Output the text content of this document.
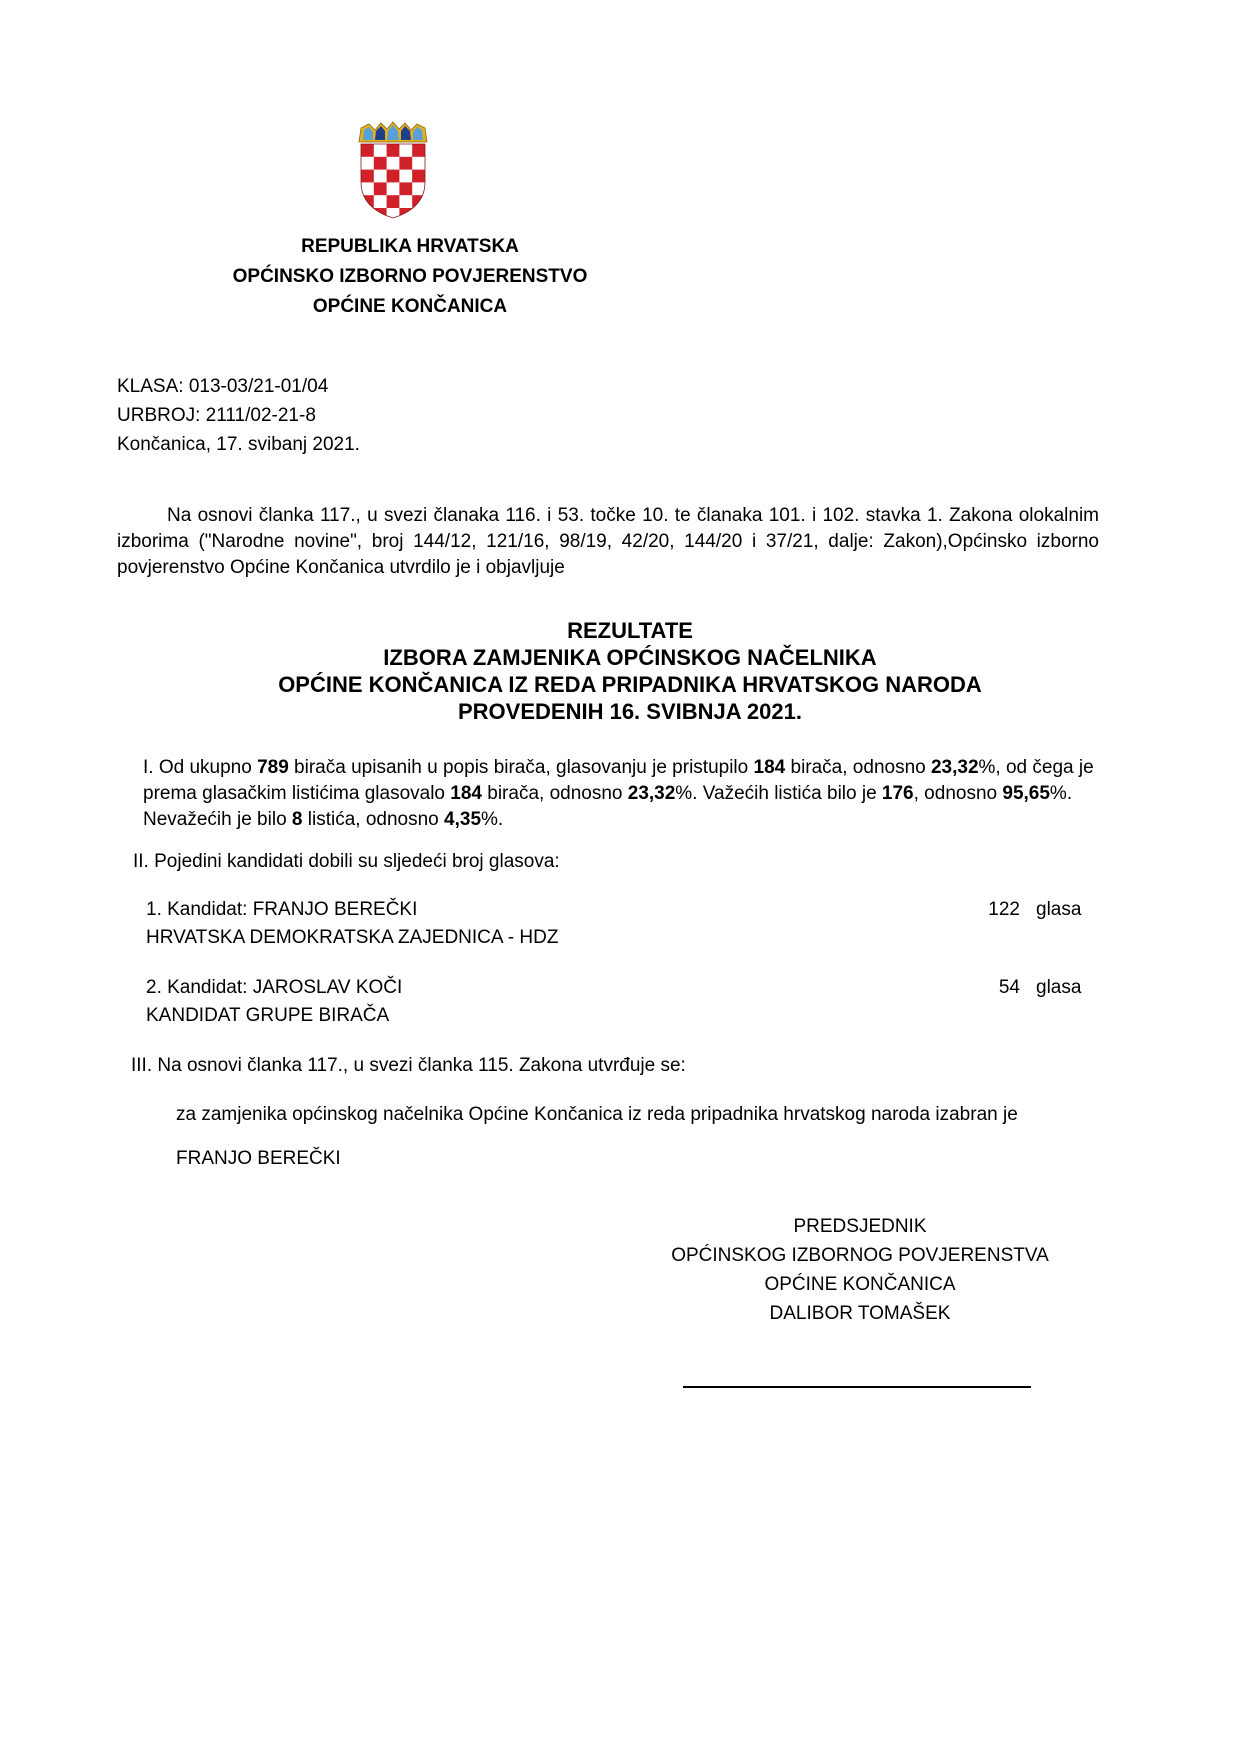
REPUBLIKA HRVATSKA
OPĆINSKO IZBORNO POVJERENSTVO
OPĆINE KONČANICA
KLASA: 013-03/21-01/04
URBROJ: 2111/02-21-8
Končanica, 17. svibanj 2021.
Na osnovi članka 117., u svezi članaka 116. i 53. točke 10. te članaka 101. i 102. stavka 1. Zakona olokalnim izborima ("Narodne novine", broj 144/12, 121/16, 98/19, 42/20, 144/20 i 37/21, dalje: Zakon),Općinsko izborno povjerenstvo Općine Končanica utvrdilo je i objavljuje
REZULTATE
IZBORA ZAMJENIKA OPĆINSKOG NAČELNIKA
OPĆINE KONČANICA IZ REDA PRIPADNIKA HRVATSKOG NARODA
PROVEDENIH 16. SVIBNJA 2021.
I. Od ukupno 789 birača upisanih u popis birača, glasovanju je pristupilo 184 birača, odnosno 23,32%, od čega je prema glasačkim listićima glasovalo 184 birača, odnosno 23,32%. Važećih listića bilo je 176, odnosno 95,65%. Nevažećih je bilo 8 listića, odnosno 4,35%.
II. Pojedini kandidati dobili su sljedeći broj glasova:
1. Kandidat: FRANJO BEREČKI
HRVATSKA DEMOKRATSKA ZAJEDNICA - HDZ
122 glasa
2. Kandidat: JAROSLAV KOČI
KANDIDAT GRUPE BIRAČA
54 glasa
III. Na osnovi članka 117., u svezi članka 115. Zakona utvrđuje se:
za zamjenika općinskog načelnika Općine Končanica iz reda pripadnika hrvatskog naroda izabran je
FRANJO BEREČKI
PREDSJEDNIK
OPĆINSKOG IZBORNOG POVJERENSTVA
OPĆINE KONČANICA
DALIBOR TOMAŠEK
